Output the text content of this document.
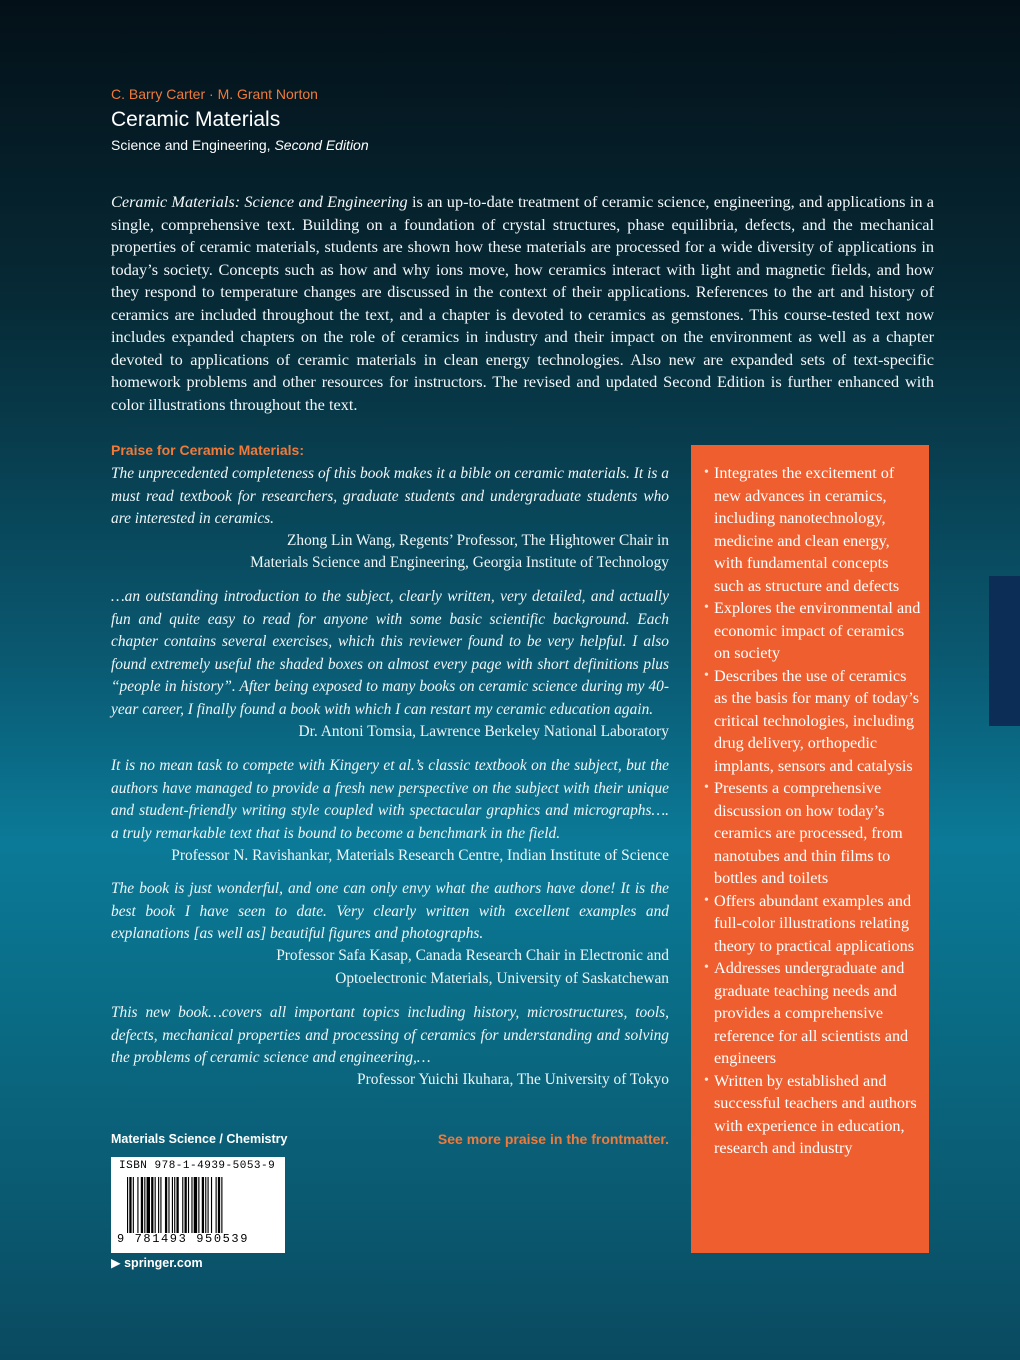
C. Barry Carter · M. Grant Norton
Ceramic Materials
Science and Engineering, Second Edition
Ceramic Materials: Science and Engineering is an up-to-date treatment of ceramic science, engineering, and applications in a single, comprehensive text. Building on a foundation of crystal structures, phase equilibria, defects, and the mechanical properties of ceramic materials, students are shown how these materials are processed for a wide diversity of applications in today’s society. Concepts such as how and why ions move, how ceramics interact with light and magnetic fields, and how they respond to temperature changes are discussed in the context of their applications. References to the art and history of ceramics are included throughout the text, and a chapter is devoted to ceramics as gemstones. This course-tested text now includes expanded chapters on the role of ceramics in industry and their impact on the environment as well as a chapter devoted to applications of ceramic materials in clean energy technologies. Also new are expanded sets of text-specific homework problems and other resources for instructors. The revised and updated Second Edition is further enhanced with color illustrations throughout the text.
Praise for Ceramic Materials:
The unprecedented completeness of this book makes it a bible on ceramic materials. It is a must read textbook for researchers, graduate students and undergraduate students who are interested in ceramics.
Zhong Lin Wang, Regents’ Professor, The Hightower Chair in
Materials Science and Engineering, Georgia Institute of Technology
…an outstanding introduction to the subject, clearly written, very detailed, and actually fun and quite easy to read for anyone with some basic scientific background. Each chapter contains several exercises, which this reviewer found to be very helpful. I also found extremely useful the shaded boxes on almost every page with short definitions plus “people in history”. After being exposed to many books on ceramic science during my 40-year career, I finally found a book with which I can restart my ceramic education again.
Dr. Antoni Tomsia, Lawrence Berkeley National Laboratory
It is no mean task to compete with Kingery et al.’s classic textbook on the subject, but the authors have managed to provide a fresh new perspective on the subject with their unique and student-friendly writing style coupled with spectacular graphics and micrographs…. a truly remarkable text that is bound to become a benchmark in the field.
Professor N. Ravishankar, Materials Research Centre, Indian Institute of Science
The book is just wonderful, and one can only envy what the authors have done! It is the best book I have seen to date. Very clearly written with excellent examples and explanations [as well as] beautiful figures and photographs.
Professor Safa Kasap, Canada Research Chair in Electronic and
Optoelectronic Materials, University of Saskatchewan
This new book…covers all important topics including history, microstructures, tools, defects, mechanical properties and processing of ceramics for understanding and solving the problems of ceramic science and engineering,…
Professor Yuichi Ikuhara, The University of Tokyo
Materials Science / Chemistry	See more praise in the frontmatter.
ISBN 978-1-4939-5053-9
9 781493 950539
▶ springer.com
• Integrates the excitement of new advances in ceramics, including nanotechnology, medicine and clean energy, with fundamental concepts such as structure and defects
• Explores the environmental and economic impact of ceramics on society
• Describes the use of ceramics as the basis for many of today’s critical technologies, including drug delivery, orthopedic implants, sensors and catalysis
• Presents a comprehensive discussion on how today’s ceramics are processed, from nanotubes and thin films to bottles and toilets
• Offers abundant examples and full-color illustrations relating theory to practical applications
• Addresses undergraduate and graduate teaching needs and provides a comprehensive reference for all scientists and engineers
• Written by established and successful teachers and authors with experience in education, research and industry
